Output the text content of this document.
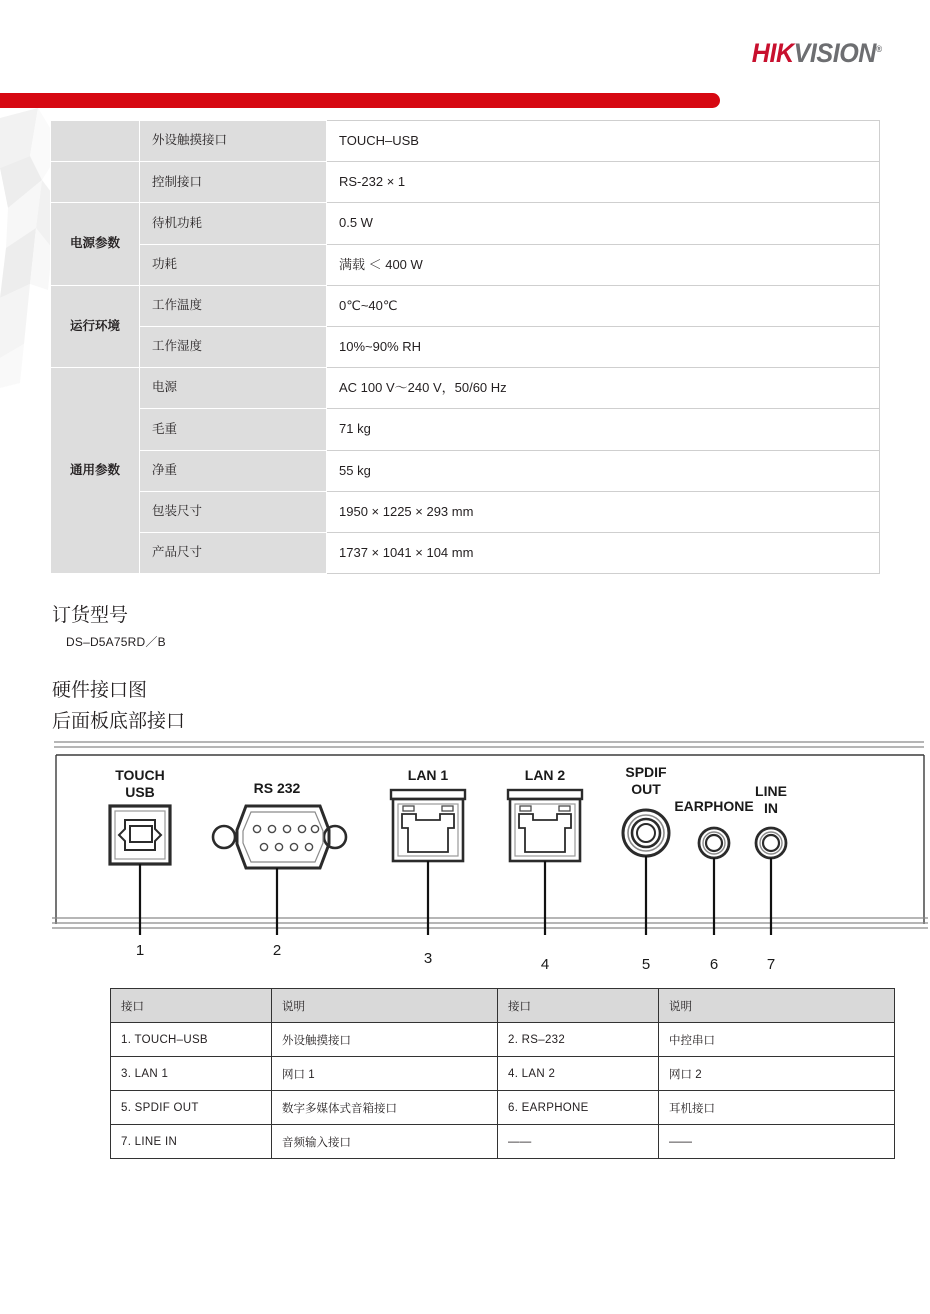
HIKVISION®
	外设触摸接口	TOUCH–USB
	控制接口	RS-232 × 1
电源参数	待机功耗	0.5 W
	功耗	满载 ＜ 400 W
运行环境	工作温度	0℃~40℃
	工作湿度	10%~90% RH
通用参数	电源	AC 100 V～240 V，50/60 Hz
	毛重	71 kg
	净重	55 kg
	包装尺寸	1950 × 1225 × 293 mm
	产品尺寸	1737 × 1041 × 104 mm
订货型号
DS–D5A75RD／B
硬件接口图
后面板底部接口
TOUCH
USB
1
RS 232
2
LAN 1
3
LAN 2
4
SPDIF
OUT
5
EARPHONE
6
LINE
IN
7
接口	说明	接口	说明
1. TOUCH–USB	外设触摸接口	2. RS–232	中控串口
3. LAN 1	网口 1	4. LAN 2	网口 2
5. SPDIF OUT	数字多媒体式音箱接口	6. EARPHONE	耳机接口
7. LINE IN	音频输入接口	——	——
